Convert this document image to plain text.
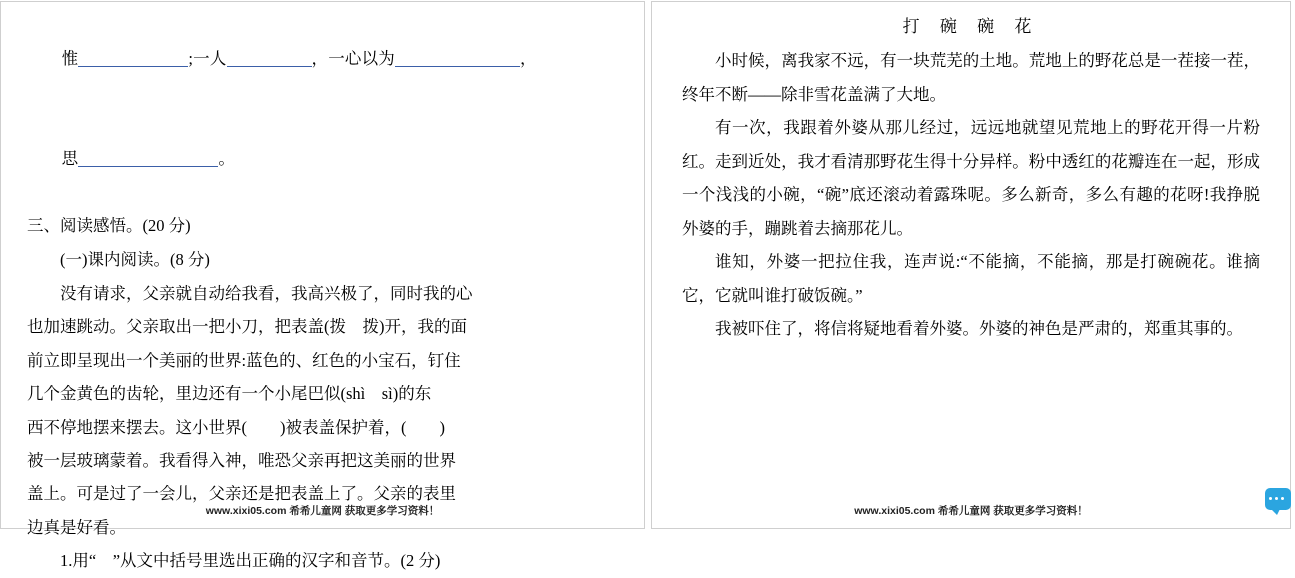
惟	;一人	，一心以为	，

思	。

三、阅读感悟。(20 分)
(一)课内阅读。(8 分)
没有请求，父亲就自动给我看，我高兴极了，同时我的心
也加速跳动。父亲取出一把小刀，把表盖(拨　拨)开，我的面
前立即呈现出一个美丽的世界:蓝色的、红色的小宝石，钉住
几个金黄色的齿轮，里边还有一个小尾巴似(shì　sì)的东
西不停地摆来摆去。这小世界(　　)被表盖保护着，(　　)
被一层玻璃蒙着。我看得入神，唯恐父亲再把这美丽的世界
盖上。可是过了一会儿，父亲还是把表盖上了。父亲的表里
边真是好看。
1.用“　”从文中括号里选出正确的汉字和音节。(2 分)
www.xixi05.com 希希儿童网 获取更多学习资料！
打 碗 碗 花
小时候，离我家不远，有一块荒芜的土地。荒地上的野花总是一茬接一茬，终年不断——除非雪花盖满了大地。
有一次，我跟着外婆从那儿经过，远远地就望见荒地上的野花开得一片粉红。走到近处，我才看清那野花生得十分异样。粉中透红的花瓣连在一起，形成一个浅浅的小碗，“碗”底还滚动着露珠呢。多么新奇，多么有趣的花呀!我挣脱外婆的手，蹦跳着去摘那花儿。
谁知，外婆一把拉住我，连声说:“不能摘，不能摘，那是打碗碗花。谁摘它，它就叫谁打破饭碗。”
我被吓住了，将信将疑地看着外婆。外婆的神色是严肃的，郑重其事的。
www.xixi05.com 希希儿童网 获取更多学习资料！
